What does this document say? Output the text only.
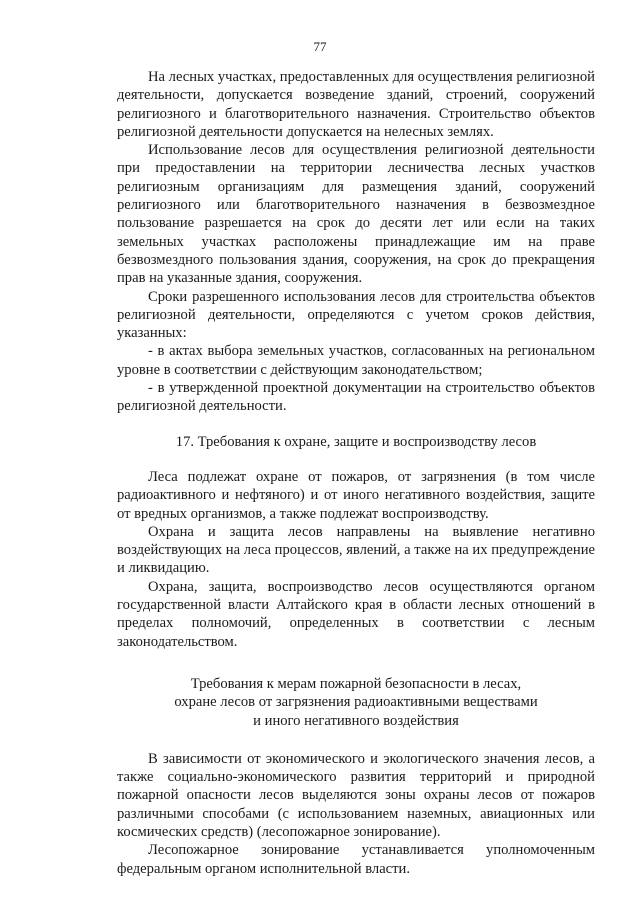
77

На лесных участках, предоставленных для осуществления религиозной деятельности, допускается возведение зданий, строений, сооружений религиозного и благотворительного назначения. Строительство объектов религиозной деятельности допускается на нелесных землях.

Использование лесов для осуществления религиозной деятельности при предоставлении на территории лесничества лесных участков религиозным организациям для размещения зданий, сооружений религиозного или благотворительного назначения в безвозмездное пользование разрешается на срок до десяти лет или если на таких земельных участках расположены принадлежащие им на праве безвозмездного пользования здания, сооружения, на срок до прекращения прав на указанные здания, сооружения.

Сроки разрешенного использования лесов для строительства объектов религиозной деятельности, определяются с учетом сроков действия, указанных:

- в актах выбора земельных участков, согласованных на региональном уровне в соответствии с действующим законодательством;

- в утвержденной проектной документации на строительство объектов религиозной деятельности.

17. Требования к охране, защите и воспроизводству лесов

Леса подлежат охране от пожаров, от загрязнения (в том числе радиоактивного и нефтяного) и от иного негативного воздействия, защите от вредных организмов, а также подлежат воспроизводству.

Охрана и защита лесов направлены на выявление негативно воздействующих на леса процессов, явлений, а также на их предупреждение и ликвидацию.

Охрана, защита, воспроизводство лесов осуществляются органом государственной власти Алтайского края в области лесных отношений в пределах полномочий, определенных в соответствии с лесным законодательством.

Требования к мерам пожарной безопасности в лесах,
охране лесов от загрязнения радиоактивными веществами
и иного негативного воздействия

В зависимости от экономического и экологического значения лесов, а также социально-экономического развития территорий и природной пожарной опасности лесов выделяются зоны охраны лесов от пожаров различными способами (с использованием наземных, авиационных или космических средств) (лесопожарное зонирование).

Лесопожарное зонирование устанавливается уполномоченным федеральным органом исполнительной власти.
